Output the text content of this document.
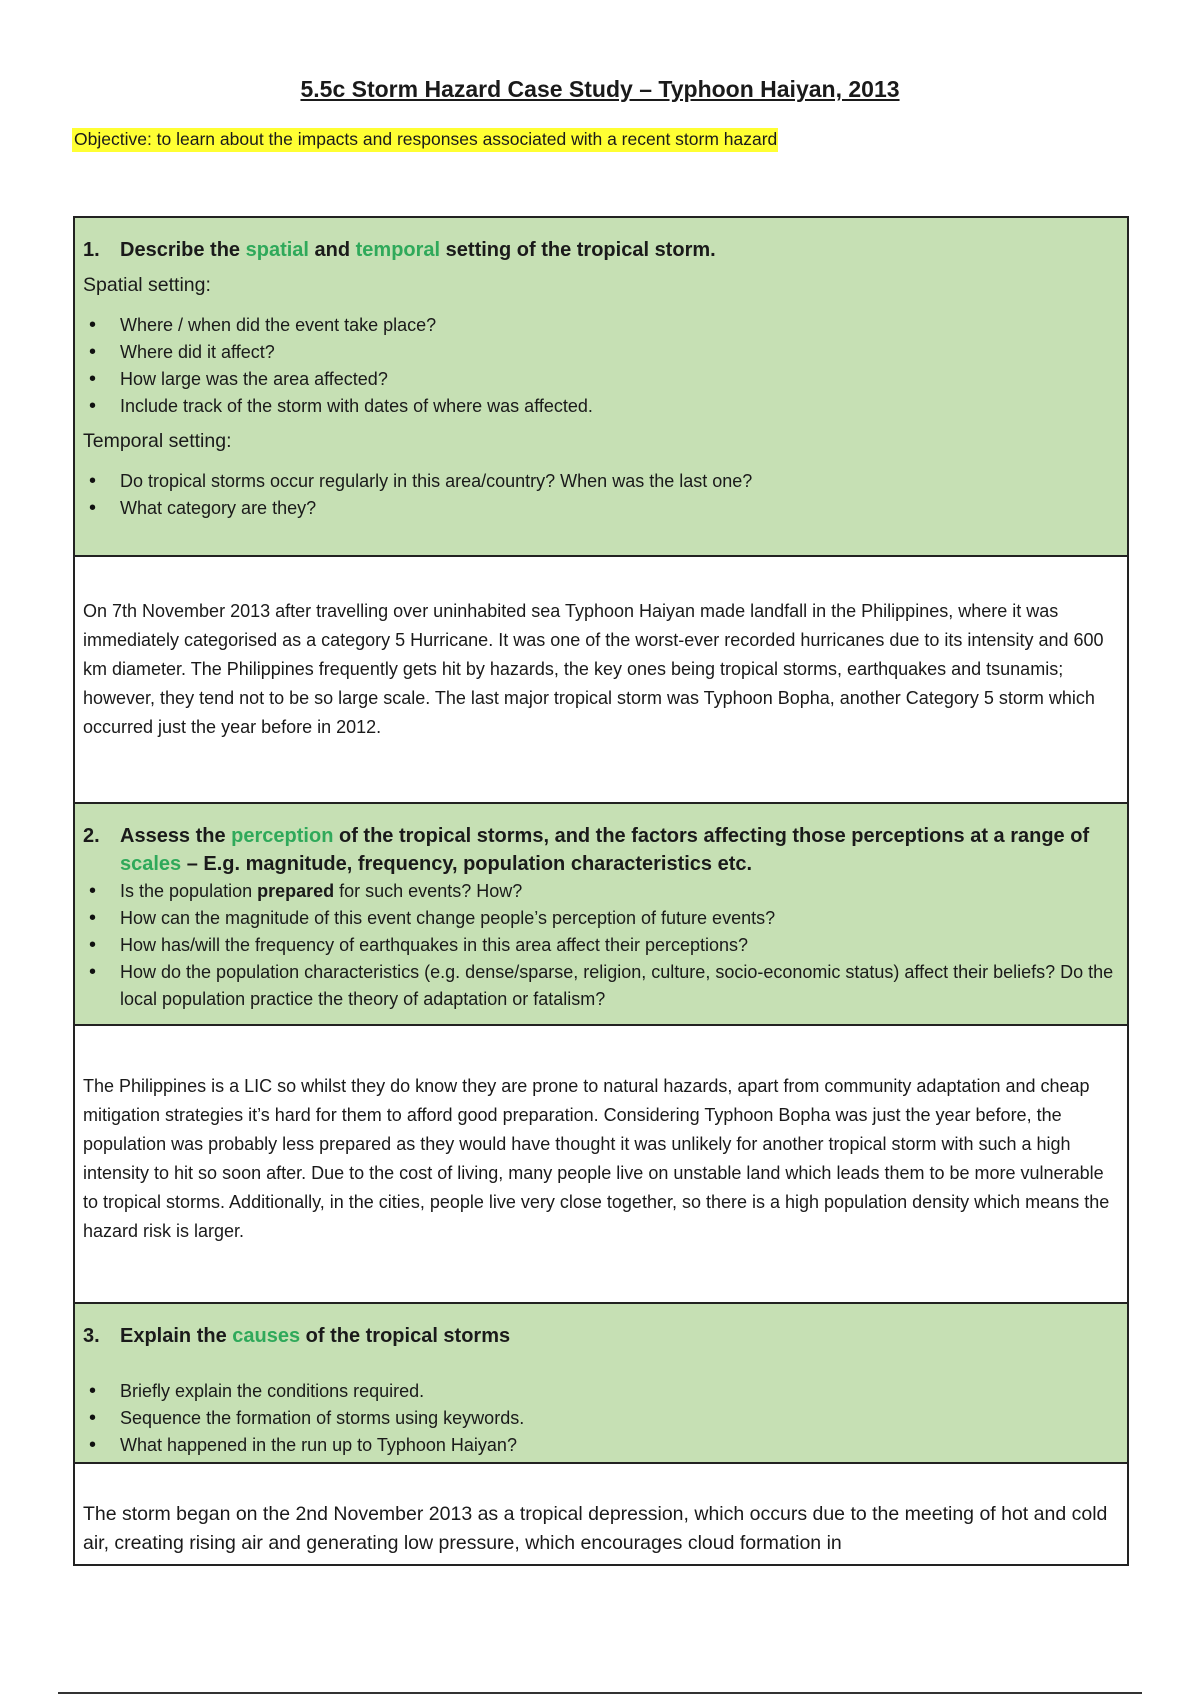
5.5c Storm Hazard Case Study – Typhoon Haiyan, 2013

Objective: to learn about the impacts and responses associated with a recent storm hazard

1.	Describe the spatial and temporal setting of the tropical storm.

Spatial setting:

• Where / when did the event take place?
• Where did it affect?
• How large was the area affected?
• Include track of the storm with dates of where was affected.

Temporal setting:

• Do tropical storms occur regularly in this area/country? When was the last one?
• What category are they?

On 7th November 2013 after travelling over uninhabited sea Typhoon Haiyan made landfall in the Philippines, where it was immediately categorised as a category 5 Hurricane. It was one of the worst-ever recorded hurricanes due to its intensity and 600 km diameter. The Philippines frequently gets hit by hazards, the key ones being tropical storms, earthquakes and tsunamis; however, they tend not to be so large scale. The last major tropical storm was Typhoon Bopha, another Category 5 storm which occurred just the year before in 2012.

2.	Assess the perception of the tropical storms, and the factors affecting those perceptions at a range of scales – E.g. magnitude, frequency, population characteristics etc.
• Is the population prepared for such events? How?
• How can the magnitude of this event change people’s perception of future events?
• How has/will the frequency of earthquakes in this area affect their perceptions?
• How do the population characteristics (e.g. dense/sparse, religion, culture, socio-economic status) affect their beliefs? Do the local population practice the theory of adaptation or fatalism?

The Philippines is a LIC so whilst they do know they are prone to natural hazards, apart from community adaptation and cheap mitigation strategies it’s hard for them to afford good preparation. Considering Typhoon Bopha was just the year before, the population was probably less prepared as they would have thought it was unlikely for another tropical storm with such a high intensity to hit so soon after. Due to the cost of living, many people live on unstable land which leads them to be more vulnerable to tropical storms. Additionally, in the cities, people live very close together, so there is a high population density which means the hazard risk is larger.

3.	Explain the causes of the tropical storms
• Briefly explain the conditions required.
• Sequence the formation of storms using keywords.
• What happened in the run up to Typhoon Haiyan?

The storm began on the 2nd November 2013 as a tropical depression, which occurs due to the meeting of hot and cold air, creating rising air and generating low pressure, which encourages cloud formation in
